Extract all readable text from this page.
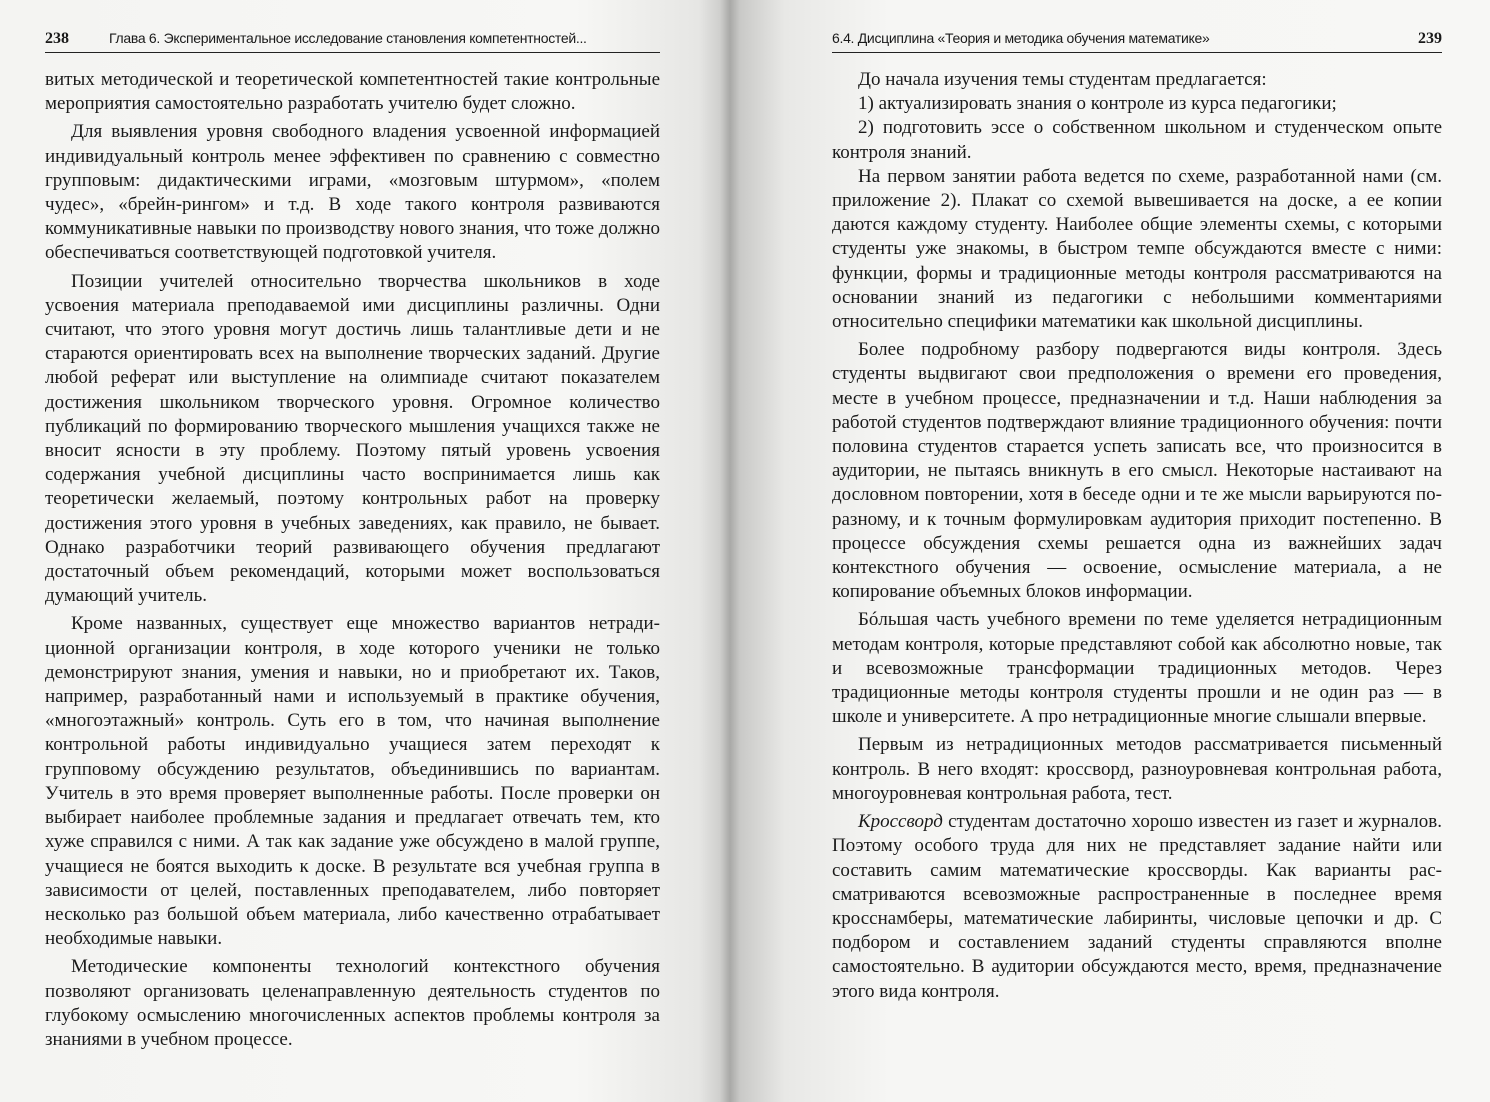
238	Глава 6. Экспериментальное исследование становления компетентностей...

витых методической и теоретической компетентностей такие контрольные мероприятия самостоятельно разработать учителю будет сложно.

Для выявления уровня свободного владения усвоенной информацией индивидуальный контроль менее эффективен по сравнению с совместно групповым: дидактическими играми, «мозговым штурмом», «полем чудес», «брейн-рингом» и т.д. В ходе такого контроля развиваются коммуникативные навыки по производству нового знания, что тоже должно обеспечиваться соответствующей подготовкой учителя.

Позиции учителей относительно творчества школьников в ходе усвоения материала преподаваемой ими дисциплины различны. Одни считают, что этого уровня могут достичь лишь талантливые дети и не стараются ориентировать всех на выполнение творческих заданий. Другие любой реферат или выступление на олимпиаде считают показателем достижения школьником творческого уровня. Огромное количество публикаций по формированию творческого мышления учащихся также не вносит ясности в эту проблему. Поэтому пятый уровень усвоения содержания учебной дисциплины часто воспринимается лишь как теоретически желаемый, поэтому контрольных работ на проверку достижения этого уровня в учебных заведениях, как правило, не бывает. Однако разработчики теорий развивающего обучения предлагают достаточный объем рекомендаций, которыми может воспользоваться думающий учитель.

Кроме названных, существует еще множество вариантов нетрадиционной организации контроля, в ходе которого ученики не только демонстрируют знания, умения и навыки, но и приобретают их. Таков, например, разработанный нами и используемый в практике обучения, «многоэтажный» контроль. Суть его в том, что начиная выполнение контрольной работы индивидуально учащиеся затем переходят к групповому обсуждению результатов, объединившись по вариантам. Учитель в это время проверяет выполненные работы. После проверки он выбирает наиболее проблемные задания и предлагает отвечать тем, кто хуже справился с ними. А так как задание уже обсуждено в малой группе, учащиеся не боятся выходить к доске. В результате вся учебная группа в зависимости от целей, поставленных преподавателем, либо повторяет несколько раз большой объем материала, либо качественно отрабатывает необходимые навыки.

Методические компоненты технологий контекстного обучения позволяют организовать целенаправленную деятельность студентов по глубокому осмыслению многочисленных аспектов проблемы контроля за знаниями в учебном процессе.

6.4. Дисциплина «Теория и методика обучения математике»	239

До начала изучения темы студентам предлагается:

1) актуализировать знания о контроле из курса педагогики;

2) подготовить эссе о собственном школьном и студенческом опыте контроля знаний.

На первом занятии работа ведется по схеме, разработанной нами (см. приложение 2). Плакат со схемой вывешивается на доске, а ее копии даются каждому студенту. Наиболее общие элементы схемы, с которыми студенты уже знакомы, в быстром темпе обсуждаются вместе с ними: функции, формы и традиционные методы контроля рассматриваются на основании знаний из педагогики с небольшими комментариями относительно специфики математики как школьной дисциплины.

Более подробному разбору подвергаются виды контроля. Здесь студенты выдвигают свои предположения о времени его проведения, месте в учебном процессе, предназначении и т.д. Наши наблюдения за работой студентов подтверждают влияние традиционного обучения: почти половина студентов старается успеть записать все, что произносится в аудитории, не пытаясь вникнуть в его смысл. Некоторые настаивают на дословном повторении, хотя в беседе одни и те же мысли варьируются по-разному, и к точным формулировкам аудитория приходит постепенно. В процессе обсуждения схемы решается одна из важнейших задач контекстного обучения — освоение, осмысление материала, а не копирование объемных блоков информации.

Бóльшая часть учебного времени по теме уделяется нетрадиционным методам контроля, которые представляют собой как абсолютно новые, так и всевозможные трансформации традиционных методов. Через традиционные методы контроля студенты прошли и не один раз — в школе и университете. А про нетрадиционные многие слышали впервые.

Первым из нетрадиционных методов рассматривается письменный контроль. В него входят: кроссворд, разноуровневая контрольная работа, многоуровневая контрольная работа, тест.

Кроссворд студентам достаточно хорошо известен из газет и журналов. Поэтому особого труда для них не представляет задание найти или составить самим математические кроссворды. Как варианты рассматриваются всевозможные распространенные в последнее время кросснамберы, математические лабиринты, числовые цепочки и др. С подбором и составлением заданий студенты справляются вполне самостоятельно. В аудитории обсуждаются место, время, предназначение этого вида контроля.
